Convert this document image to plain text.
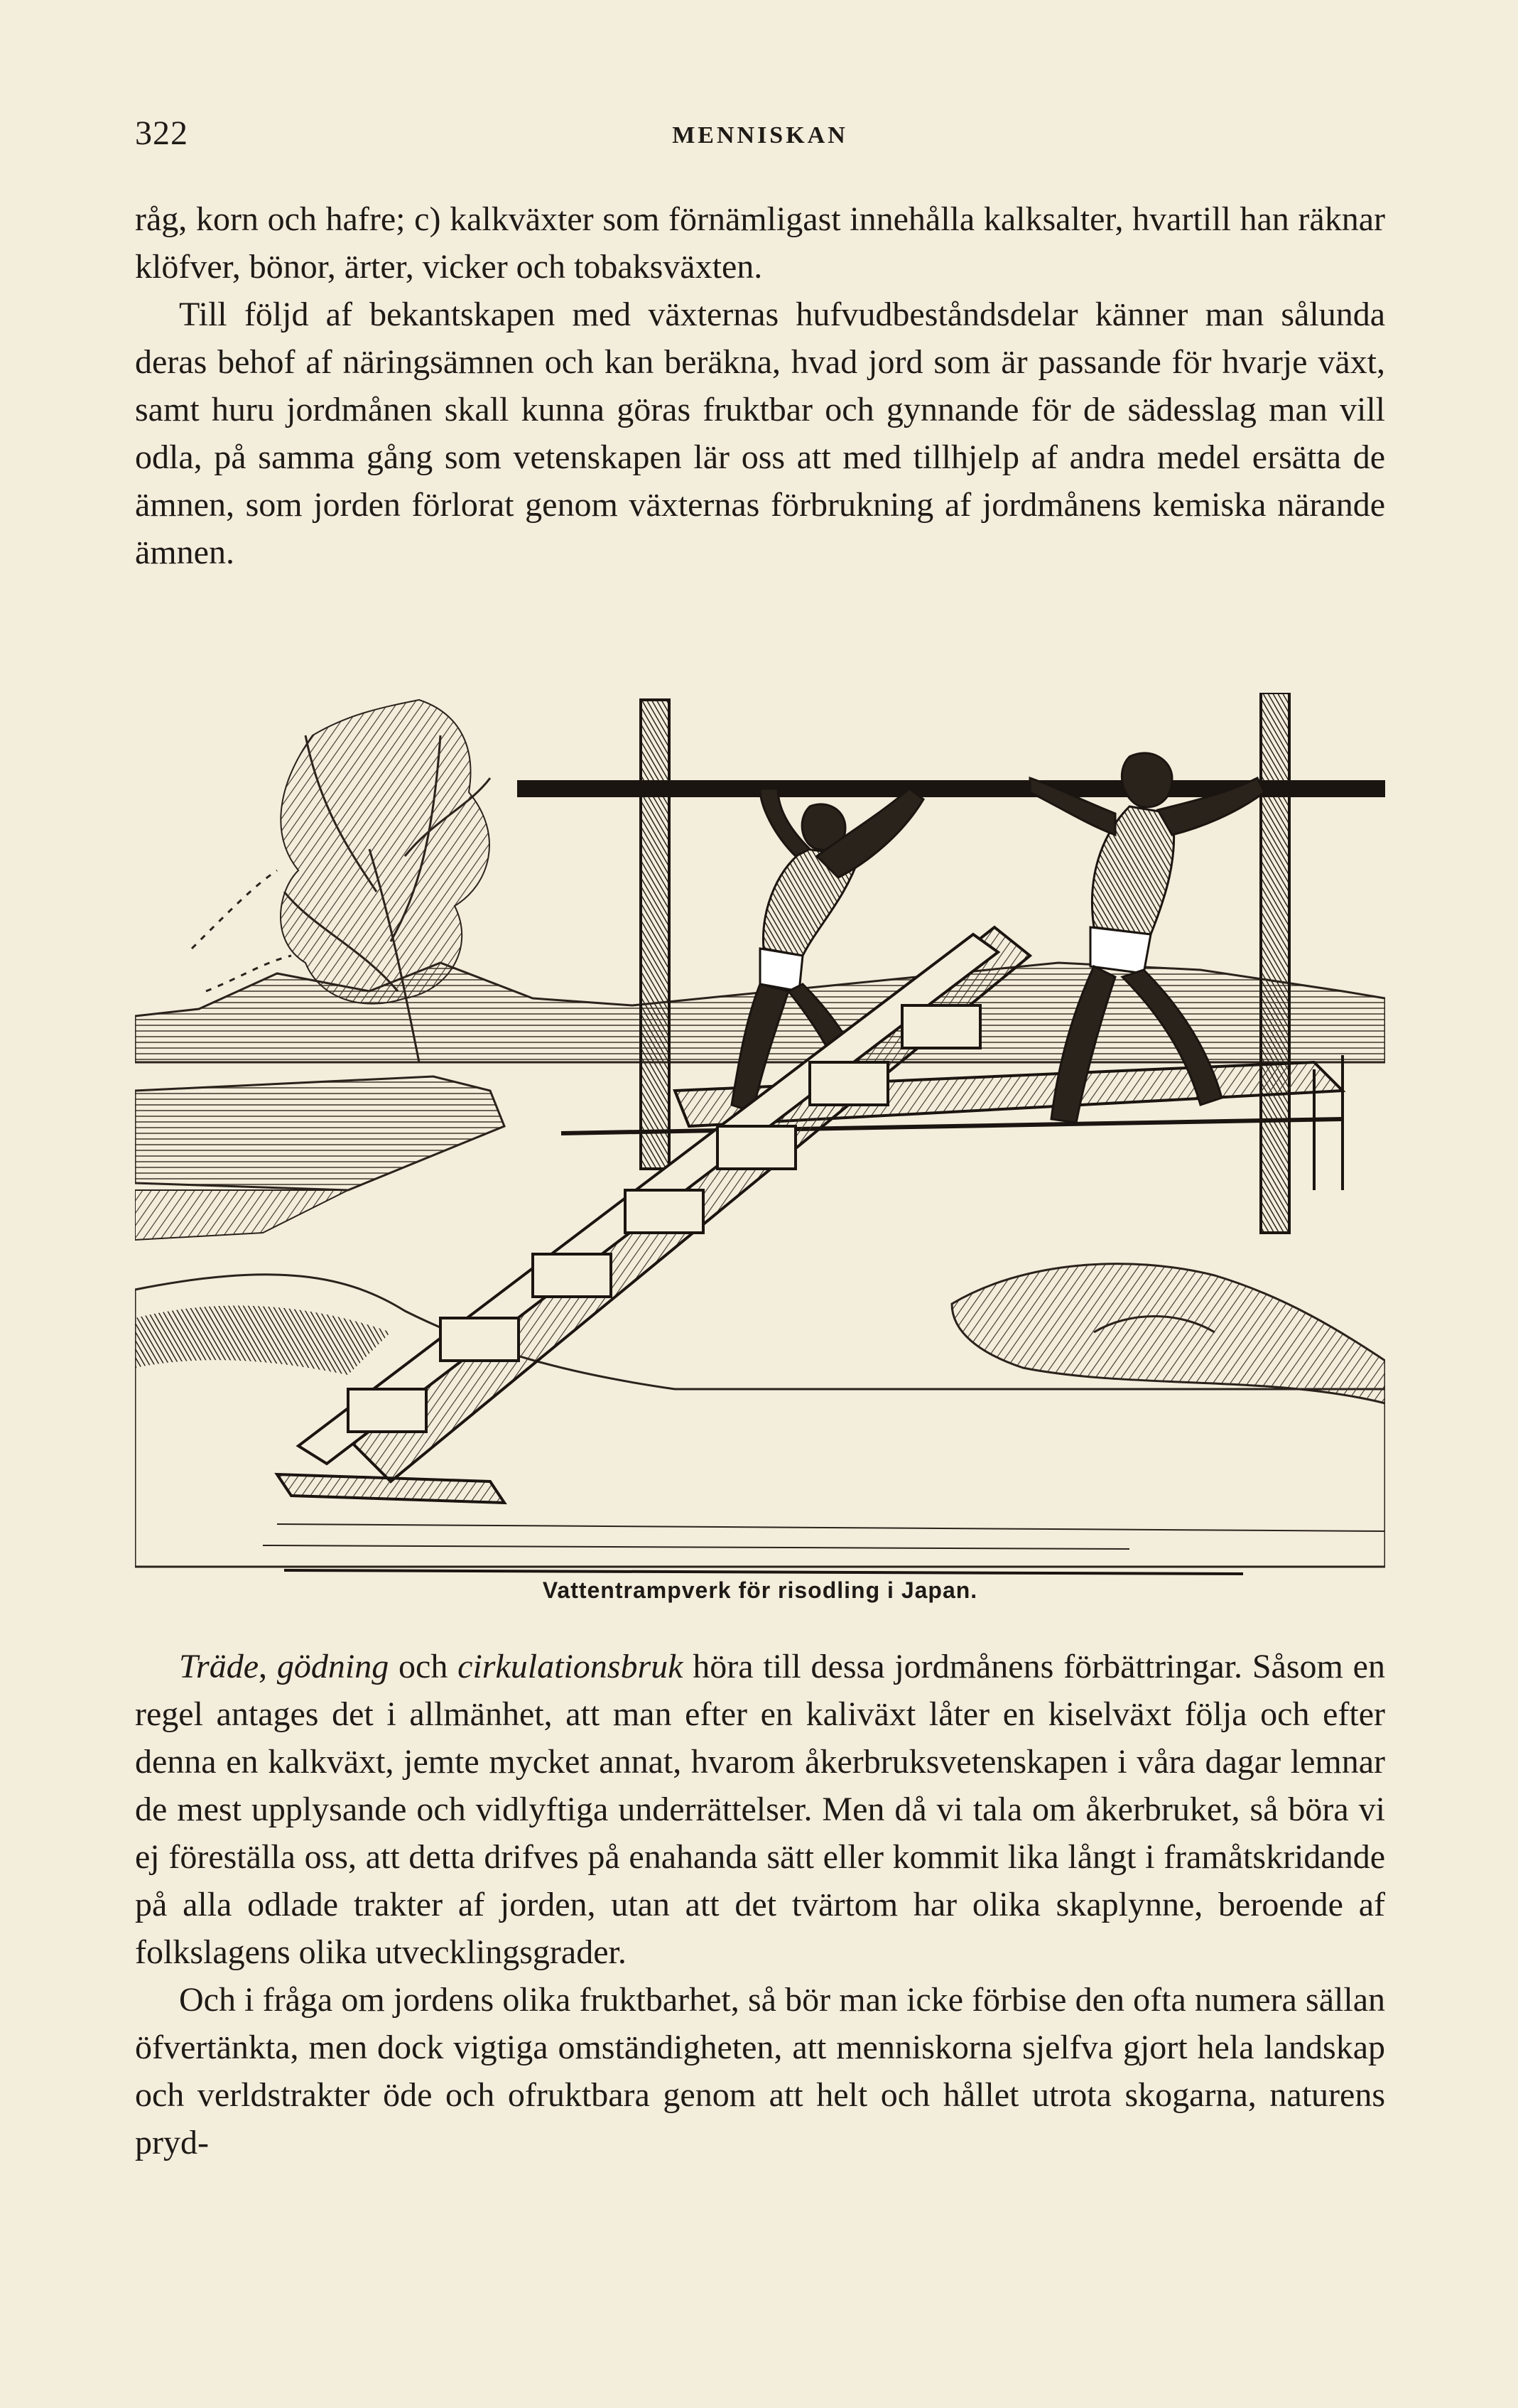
322	MENNISKAN

råg, korn och hafre; c) kalkväxter som förnämligast innehålla kalksalter, hvartill han räknar klöfver, bönor, ärter, vicker och tobaksväxten.

Till följd af bekantskapen med växternas hufvudbeståndsdelar känner man sålunda deras behof af näringsämnen och kan beräkna, hvad jord som är passande för hvarje växt, samt huru jordmånen skall kunna göras fruktbar och gynnande för de sädesslag man vill odla, på samma gång som vetenskapen lär oss att med tillhjelp af andra medel ersätta de ämnen, som jorden förlorat genom växternas förbrukning af jordmånens kemiska närande ämnen.

Vattentrampverk för risodling i Japan.

Träde, gödning och cirkulationsbruk höra till dessa jordmånens förbättringar. Såsom en regel antages det i allmänhet, att man efter en kaliväxt låter en kiselväxt följa och efter denna en kalkväxt, jemte mycket annat, hvarom åkerbruksvetenskapen i våra dagar lemnar de mest upplysande och vidlyftiga underrättelser. Men då vi tala om åkerbruket, så böra vi ej föreställa oss, att detta drifves på enahanda sätt eller kommit lika långt i framåtskridande på alla odlade trakter af jorden, utan att det tvärtom har olika skaplynne, beroende af folkslagens olika utvecklingsgrader.

Och i fråga om jordens olika fruktbarhet, så bör man icke förbise den ofta numera sällan öfvertänkta, men dock vigtiga omständigheten, att menniskorna sjelfva gjort hela landskap och verldstrakter öde och ofruktbara genom att helt och hållet utrota skogarna, naturens pryd-
